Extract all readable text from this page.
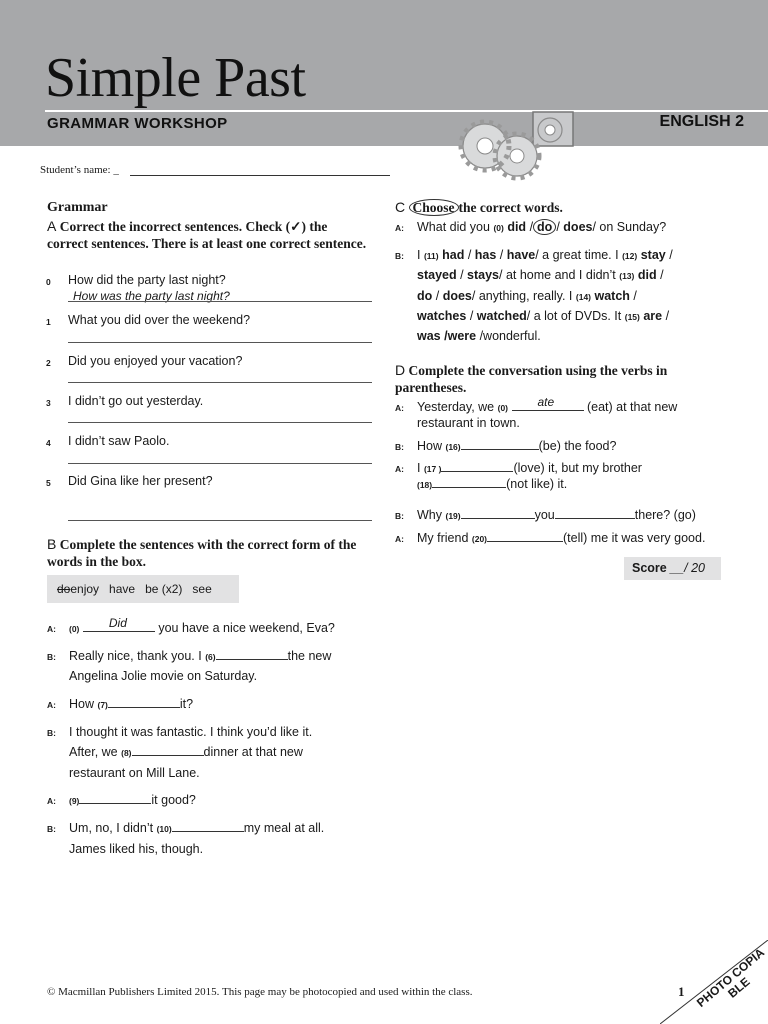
Simple Past
GRAMMAR WORKSHOP	ENGLISH 2
Student’s name: _
Grammar
A Correct the incorrect sentences. Check (✓) the correct sentences. There is at least one correct sentence.
0 How did the party last night?
How was the party last night?
1 What you did over the weekend?
2 Did you enjoyed your vacation?
3 I didn’t go out yesterday.
4 I didn’t saw Paolo.
5 Did Gina like her present?
B Complete the sentences with the correct form of the words in the box.
doenjoy   have   be (x2)   see
A: (0) Did	you have a nice weekend, Eva?
B: Really nice, thank you. I (6)	the new
Angelina Jolie movie on Saturday.
A: How (7)	it?
B: I thought it was fantastic. I think you’d like it.
After, we (8)	dinner at that new
restaurant on Mill Lane.
A: (9)	it good?
B: Um, no, I didn’t (10)	my meal at all.
James liked his, though.
C Choose the correct words.
A: What did you (0) did / do / does/ on Sunday?
B: I (11) had / has / have/ a great time. I (12) stay /
stayed / stays/ at home and I didn’t (13) did /
do / does/ anything, really. I (14) watch /
watches / watched/ a lot of DVDs. It (15) are /
was /were /wonderful.
D Complete the conversation using the verbs in parentheses.
A: Yesterday, we (0) ate	(eat) at that new
restaurant in town.
B: How (16)	(be) the food?
A: I (17 )	(love) it, but my brother
(18)	(not like) it.
B: Why (19)	you	there? (go)
A: My friend (20)	(tell) me it was very good.
Score __/ 20
© Macmillan Publishers Limited 2015. This page may be photocopied and used within the class.	1 PHOTO COPIA BLE
